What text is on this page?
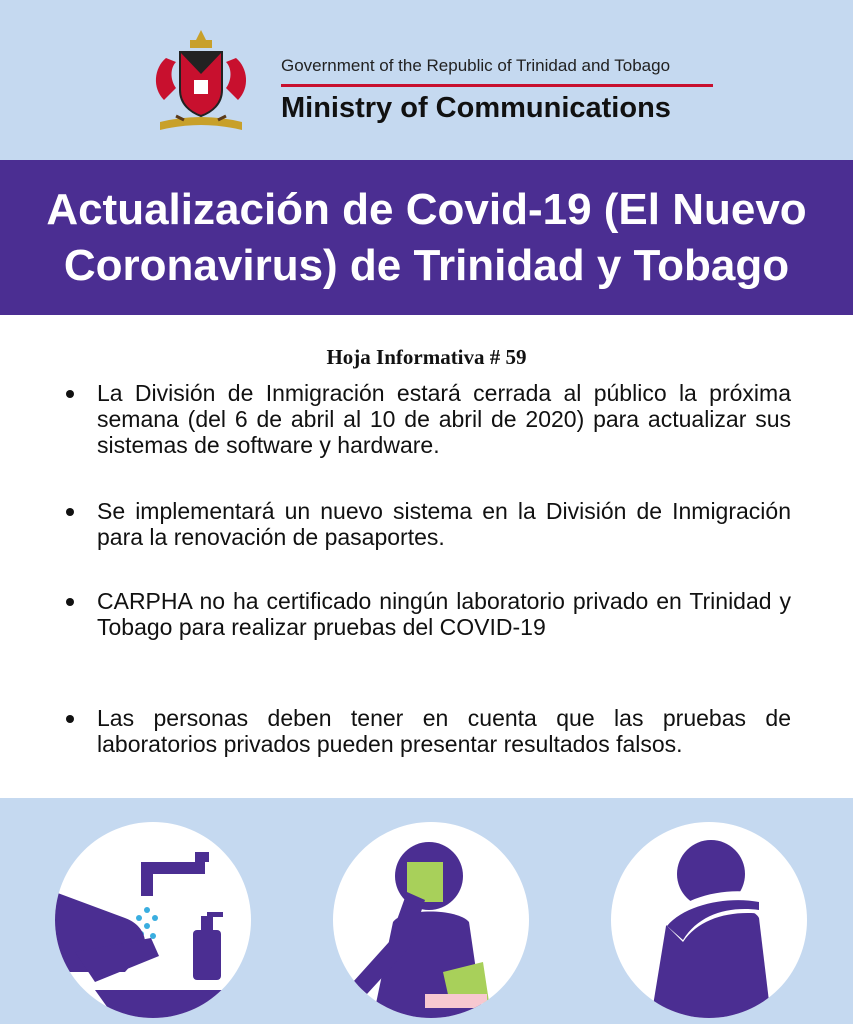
Government of the Republic of Trinidad and Tobago
Ministry of Communications
Actualización de Covid-19 (El Nuevo
Coronavirus) de Trinidad y Tobago
Hoja Informativa # 59
La División de Inmigración estará cerrada al público la próxima semana (del 6 de abril al 10 de abril de 2020) para actualizar sus sistemas de software y hardware.
Se implementará un nuevo sistema en la División de Inmigración para la renovación de pasaportes.
CARPHA no ha certificado ningún laboratorio privado en Trinidad y Tobago para realizar pruebas del COVID-19
Las personas deben tener en cuenta que las pruebas de laboratorios privados pueden presentar resultados falsos.
